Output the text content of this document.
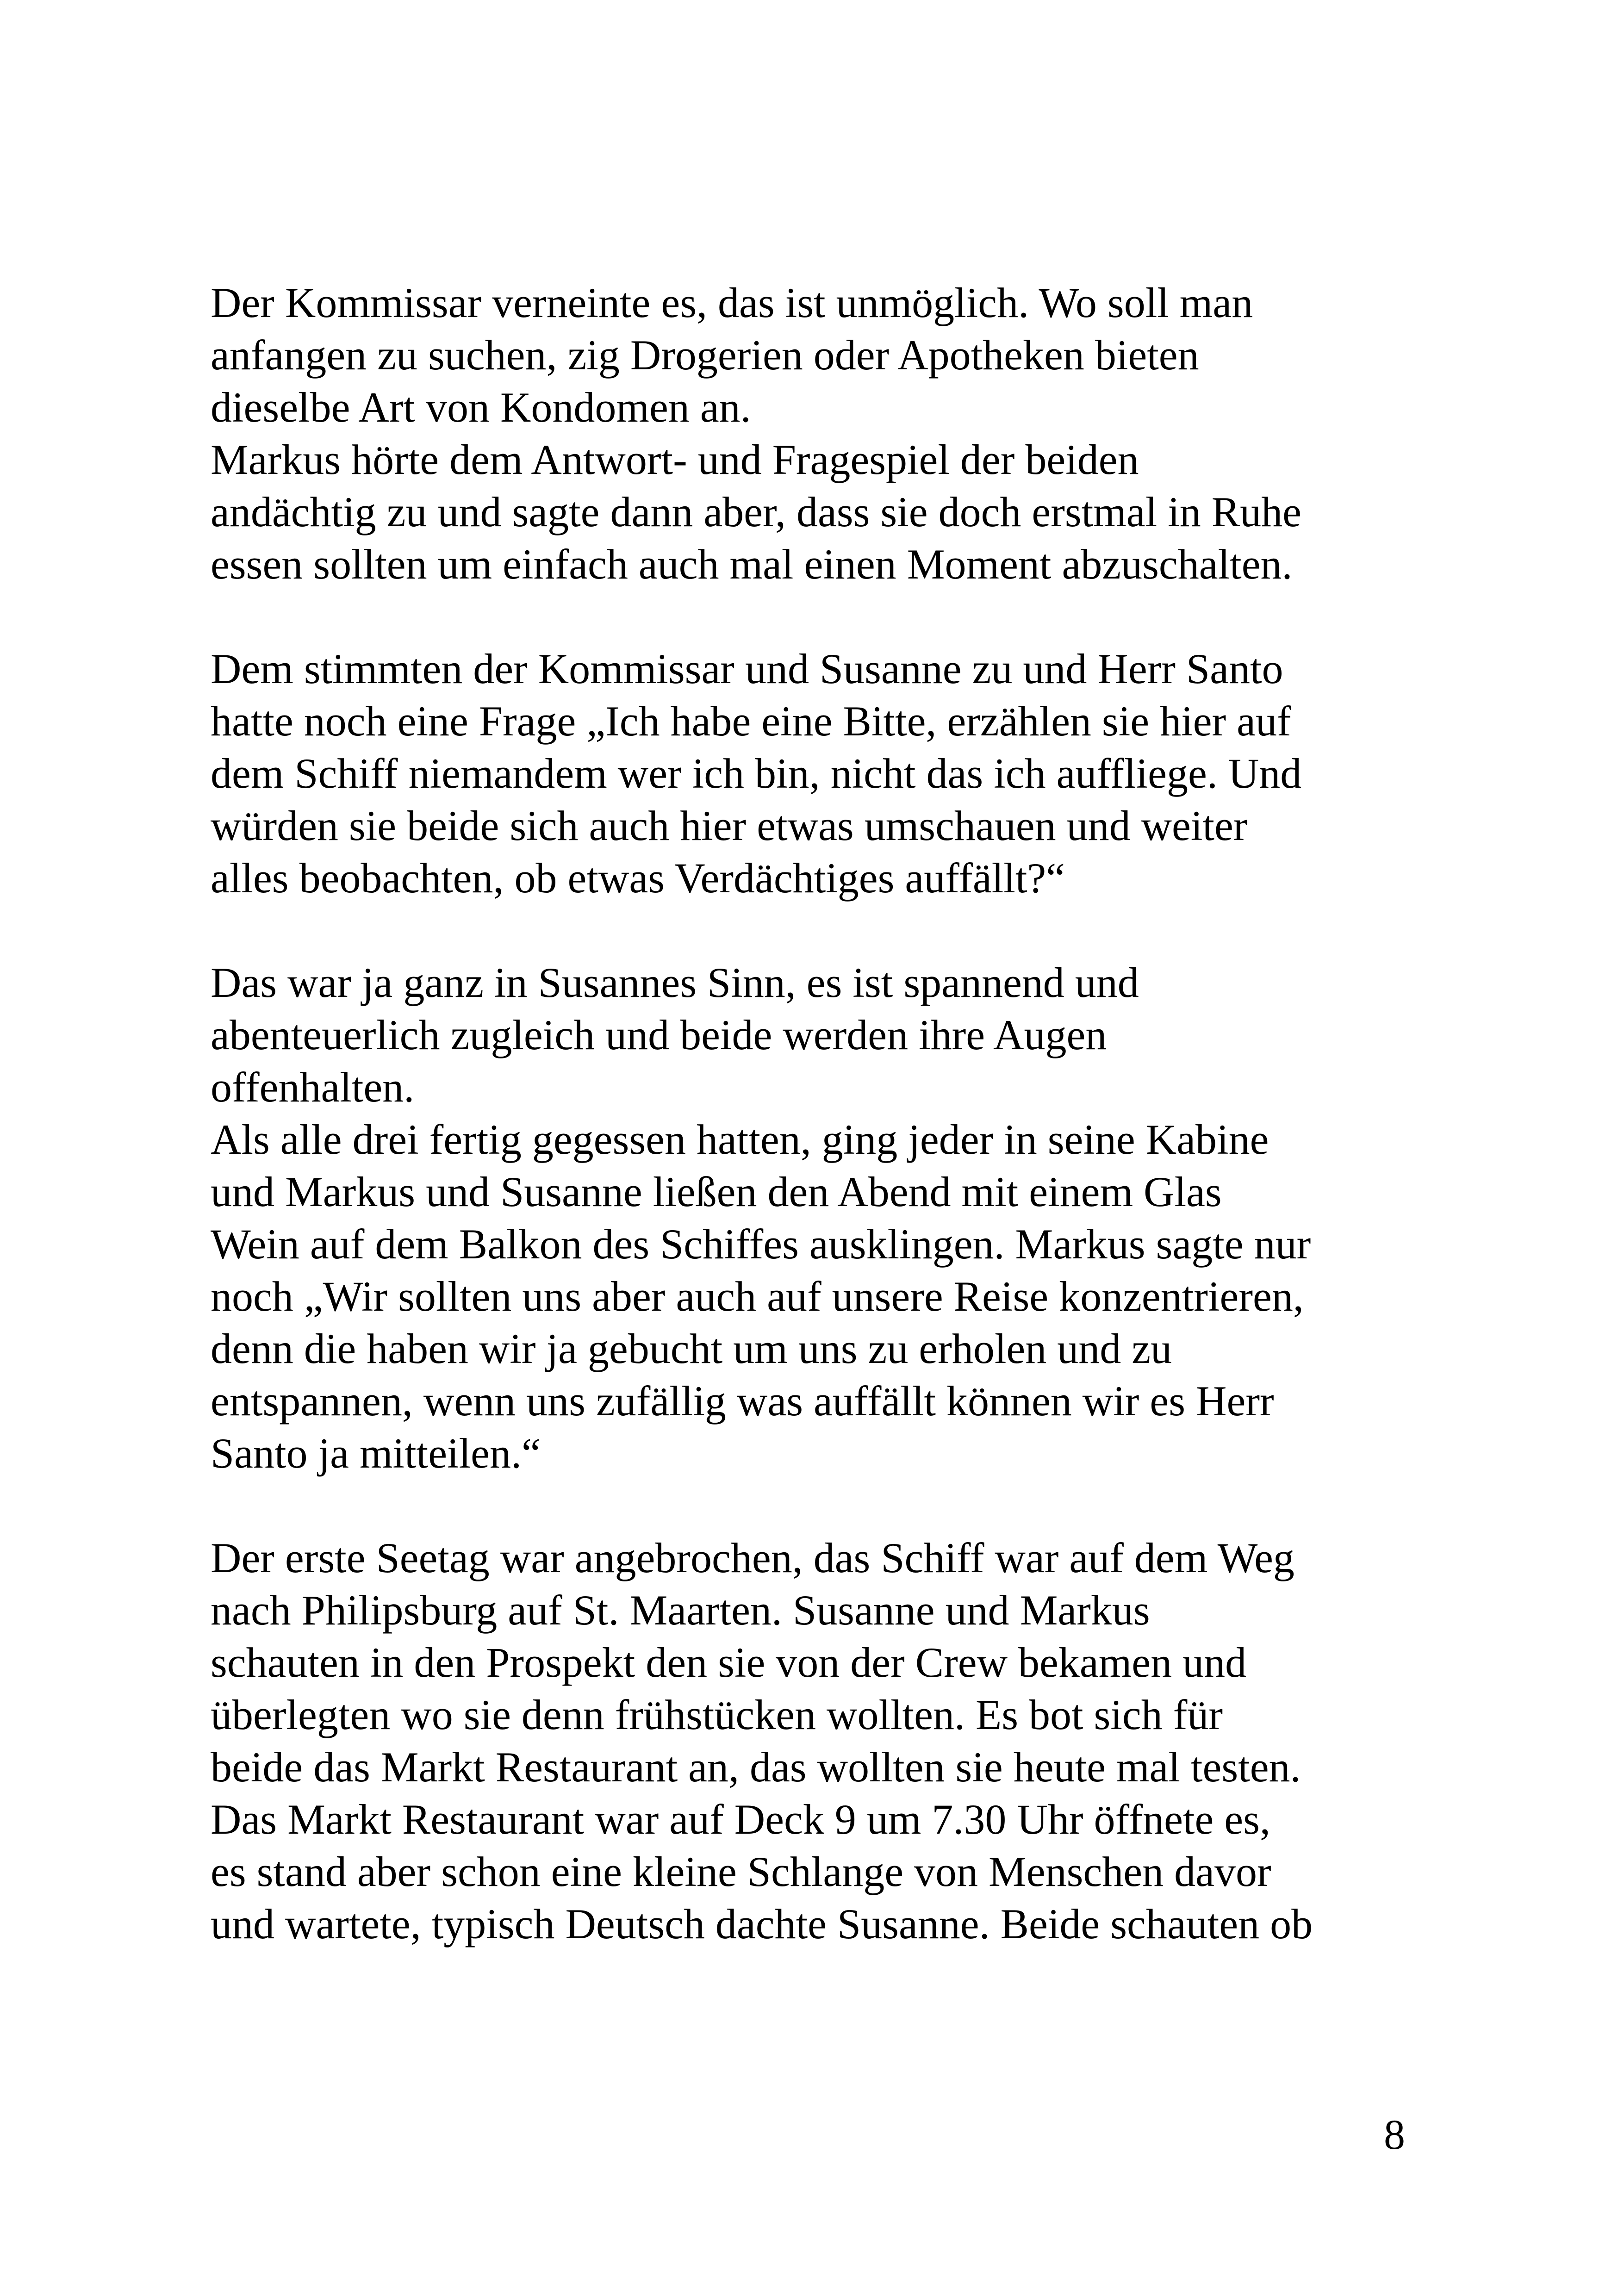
Der Kommissar verneinte es, das ist unmöglich. Wo soll man
anfangen zu suchen, zig Drogerien oder Apotheken bieten
dieselbe Art von Kondomen an.

Markus hörte dem Antwort- und Fragespiel der beiden
andächtig zu und sagte dann aber, dass sie doch erstmal in Ruhe
essen sollten um einfach auch mal einen Moment abzuschalten.

Dem stimmten der Kommissar und Susanne zu und Herr Santo
hatte noch eine Frage „Ich habe eine Bitte, erzählen sie hier auf
dem Schiff niemandem wer ich bin, nicht das ich auffliege. Und
würden sie beide sich auch hier etwas umschauen und weiter
alles beobachten, ob etwas Verdächtiges auffällt?“

Das war ja ganz in Susannes Sinn, es ist spannend und
abenteuerlich zugleich und beide werden ihre Augen
offenhalten.

Als alle drei fertig gegessen hatten, ging jeder in seine Kabine
und Markus und Susanne ließen den Abend mit einem Glas
Wein auf dem Balkon des Schiffes ausklingen. Markus sagte nur
noch „Wir sollten uns aber auch auf unsere Reise konzentrieren,
denn die haben wir ja gebucht um uns zu erholen und zu
entspannen, wenn uns zufällig was auffällt können wir es Herr
Santo ja mitteilen.“

Der erste Seetag war angebrochen, das Schiff war auf dem Weg
nach Philipsburg auf St. Maarten. Susanne und Markus
schauten in den Prospekt den sie von der Crew bekamen und
überlegten wo sie denn frühstücken wollten. Es bot sich für
beide das Markt Restaurant an, das wollten sie heute mal testen.
Das Markt Restaurant war auf Deck 9 um 7.30 Uhr öffnete es,
es stand aber schon eine kleine Schlange von Menschen davor
und wartete, typisch Deutsch dachte Susanne. Beide schauten ob

8
